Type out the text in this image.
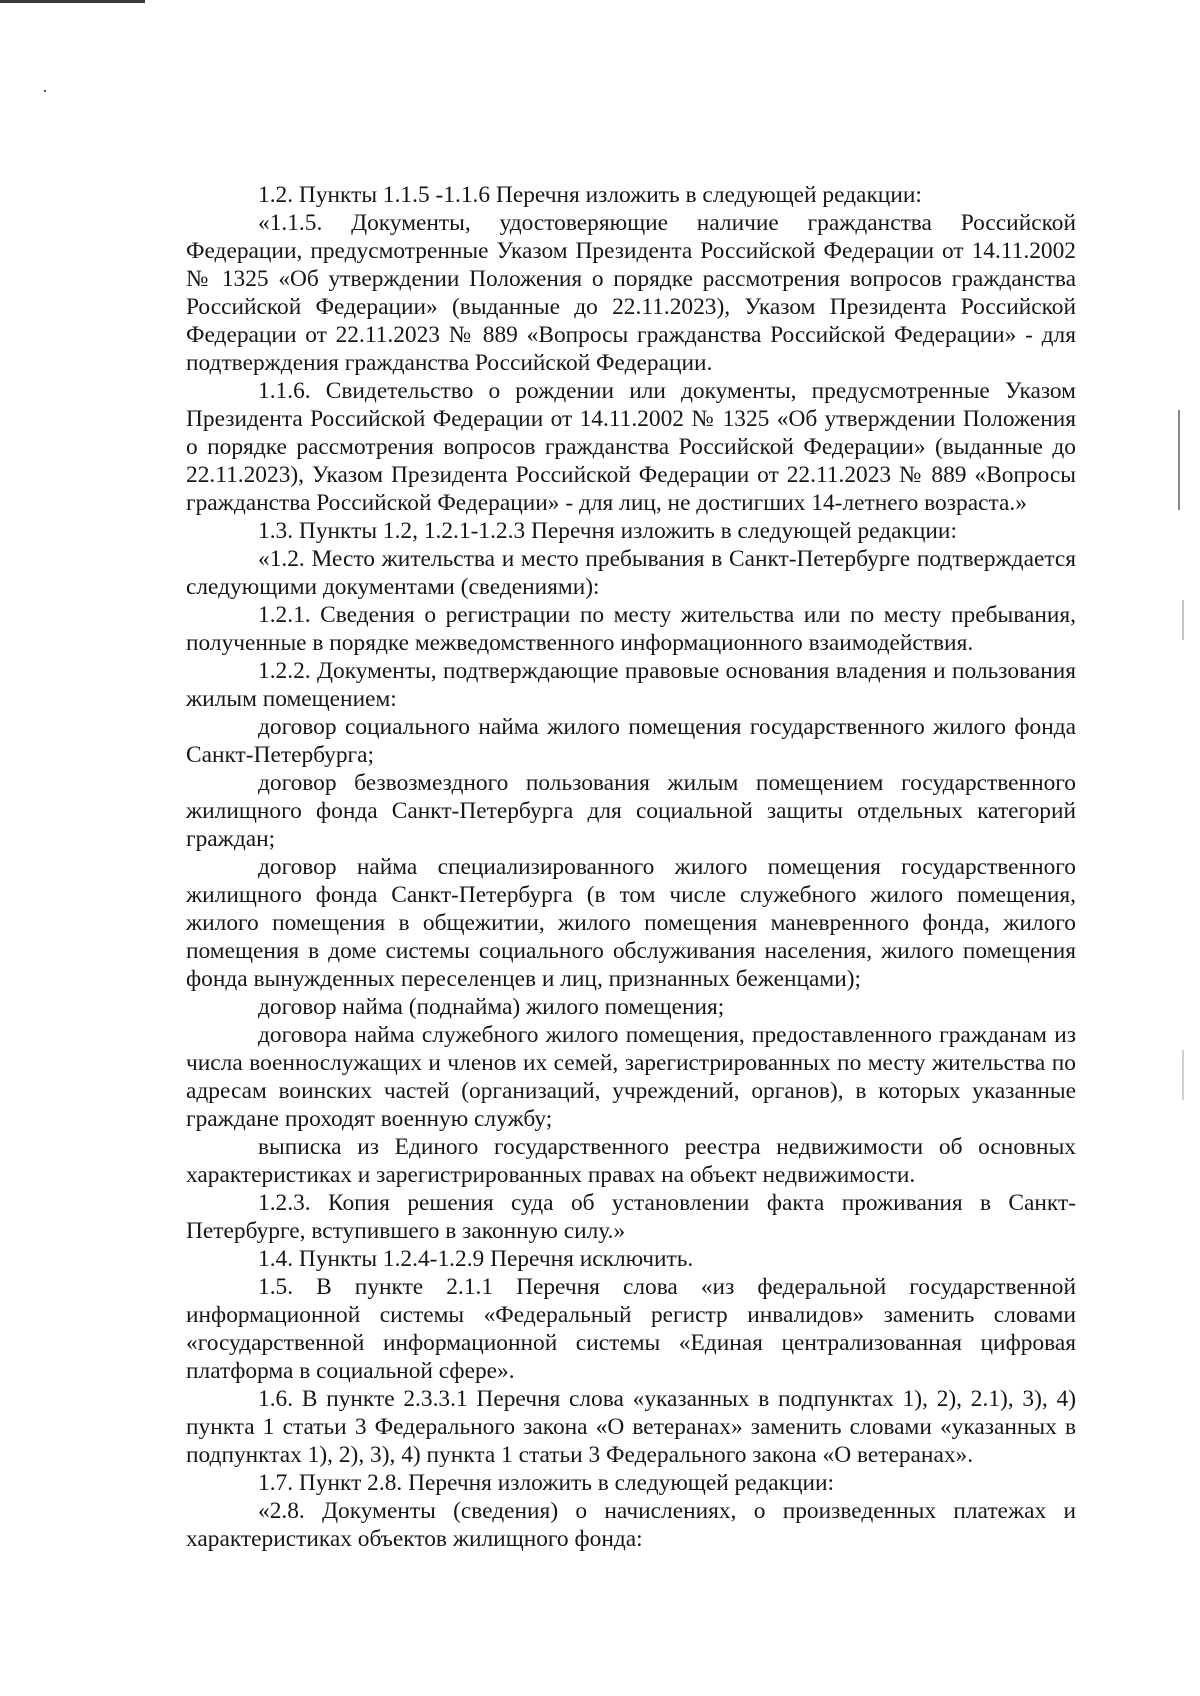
1.2. Пункты 1.1.5 -1.1.6 Перечня изложить в следующей редакции:

«1.1.5. Документы, удостоверяющие наличие гражданства Российской Федерации, предусмотренные Указом Президента Российской Федерации от 14.11.2002 № 1325 «Об утверждении Положения о порядке рассмотрения вопросов гражданства Российской Федерации» (выданные до 22.11.2023), Указом Президента Российской Федерации от 22.11.2023 № 889 «Вопросы гражданства Российской Федерации» - для подтверждения гражданства Российской Федерации.

1.1.6. Свидетельство о рождении или документы, предусмотренные Указом Президента Российской Федерации от 14.11.2002 № 1325 «Об утверждении Положения о порядке рассмотрения вопросов гражданства Российской Федерации» (выданные до 22.11.2023), Указом Президента Российской Федерации от 22.11.2023 № 889 «Вопросы гражданства Российской Федерации» - для лиц, не достигших 14-летнего возраста.»

1.3. Пункты 1.2, 1.2.1-1.2.3 Перечня изложить в следующей редакции:

«1.2. Место жительства и место пребывания в Санкт-Петербурге подтверждается следующими документами (сведениями):

1.2.1. Сведения о регистрации по месту жительства или по месту пребывания, полученные в порядке межведомственного информационного взаимодействия.

1.2.2. Документы, подтверждающие правовые основания владения и пользования жилым помещением:

договор социального найма жилого помещения государственного жилого фонда Санкт-Петербурга;

договор безвозмездного пользования жилым помещением государственного жилищного фонда Санкт-Петербурга для социальной защиты отдельных категорий граждан;

договор найма специализированного жилого помещения государственного жилищного фонда Санкт-Петербурга (в том числе служебного жилого помещения, жилого помещения в общежитии, жилого помещения маневренного фонда, жилого помещения в доме системы социального обслуживания населения, жилого помещения фонда вынужденных переселенцев и лиц, признанных беженцами);

договор найма (поднайма) жилого помещения;

договора найма служебного жилого помещения, предоставленного гражданам из числа военнослужащих и членов их семей, зарегистрированных по месту жительства по адресам воинских частей (организаций, учреждений, органов), в которых указанные граждане проходят военную службу;

выписка из Единого государственного реестра недвижимости об основных характеристиках и зарегистрированных правах на объект недвижимости.

1.2.3. Копия решения суда об установлении факта проживания в Санкт-Петербурге, вступившего в законную силу.»

1.4. Пункты 1.2.4-1.2.9 Перечня исключить.

1.5. В пункте 2.1.1 Перечня слова «из федеральной государственной информационной системы «Федеральный регистр инвалидов» заменить словами «государственной информационной системы «Единая централизованная цифровая платформа в социальной сфере».

1.6. В пункте 2.3.3.1 Перечня слова «указанных в подпунктах 1), 2), 2.1), 3), 4) пункта 1 статьи 3 Федерального закона «О ветеранах» заменить словами «указанных в подпунктах 1), 2), 3), 4) пункта 1 статьи 3 Федерального закона «О ветеранах».

1.7. Пункт 2.8. Перечня изложить в следующей редакции:

«2.8. Документы (сведения) о начислениях, о произведенных платежах и характеристиках объектов жилищного фонда:
